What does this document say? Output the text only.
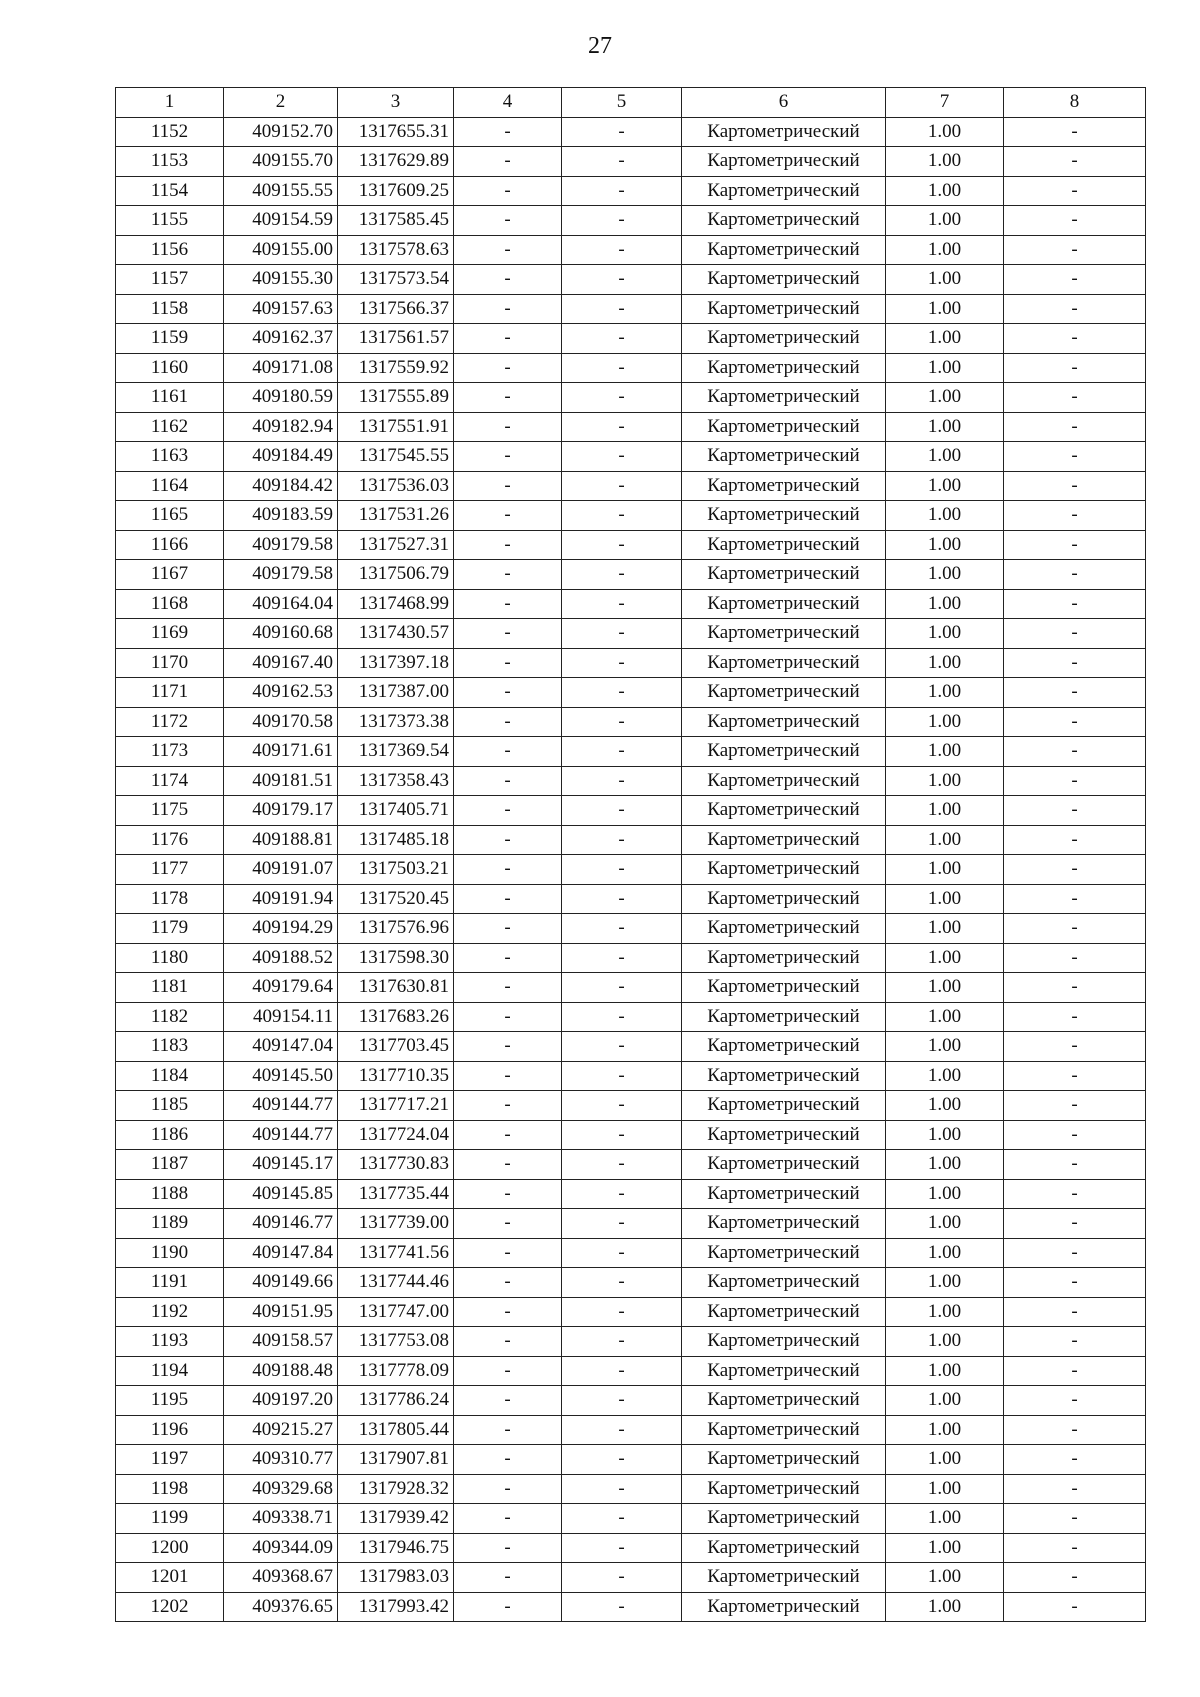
27
1	2	3	4	5	6	7	8
1152	409152.70	1317655.31	-	-	Картометрический	1.00	-
1153	409155.70	1317629.89	-	-	Картометрический	1.00	-
1154	409155.55	1317609.25	-	-	Картометрический	1.00	-
1155	409154.59	1317585.45	-	-	Картометрический	1.00	-
1156	409155.00	1317578.63	-	-	Картометрический	1.00	-
1157	409155.30	1317573.54	-	-	Картометрический	1.00	-
1158	409157.63	1317566.37	-	-	Картометрический	1.00	-
1159	409162.37	1317561.57	-	-	Картометрический	1.00	-
1160	409171.08	1317559.92	-	-	Картометрический	1.00	-
1161	409180.59	1317555.89	-	-	Картометрический	1.00	-
1162	409182.94	1317551.91	-	-	Картометрический	1.00	-
1163	409184.49	1317545.55	-	-	Картометрический	1.00	-
1164	409184.42	1317536.03	-	-	Картометрический	1.00	-
1165	409183.59	1317531.26	-	-	Картометрический	1.00	-
1166	409179.58	1317527.31	-	-	Картометрический	1.00	-
1167	409179.58	1317506.79	-	-	Картометрический	1.00	-
1168	409164.04	1317468.99	-	-	Картометрический	1.00	-
1169	409160.68	1317430.57	-	-	Картометрический	1.00	-
1170	409167.40	1317397.18	-	-	Картометрический	1.00	-
1171	409162.53	1317387.00	-	-	Картометрический	1.00	-
1172	409170.58	1317373.38	-	-	Картометрический	1.00	-
1173	409171.61	1317369.54	-	-	Картометрический	1.00	-
1174	409181.51	1317358.43	-	-	Картометрический	1.00	-
1175	409179.17	1317405.71	-	-	Картометрический	1.00	-
1176	409188.81	1317485.18	-	-	Картометрический	1.00	-
1177	409191.07	1317503.21	-	-	Картометрический	1.00	-
1178	409191.94	1317520.45	-	-	Картометрический	1.00	-
1179	409194.29	1317576.96	-	-	Картометрический	1.00	-
1180	409188.52	1317598.30	-	-	Картометрический	1.00	-
1181	409179.64	1317630.81	-	-	Картометрический	1.00	-
1182	409154.11	1317683.26	-	-	Картометрический	1.00	-
1183	409147.04	1317703.45	-	-	Картометрический	1.00	-
1184	409145.50	1317710.35	-	-	Картометрический	1.00	-
1185	409144.77	1317717.21	-	-	Картометрический	1.00	-
1186	409144.77	1317724.04	-	-	Картометрический	1.00	-
1187	409145.17	1317730.83	-	-	Картометрический	1.00	-
1188	409145.85	1317735.44	-	-	Картометрический	1.00	-
1189	409146.77	1317739.00	-	-	Картометрический	1.00	-
1190	409147.84	1317741.56	-	-	Картометрический	1.00	-
1191	409149.66	1317744.46	-	-	Картометрический	1.00	-
1192	409151.95	1317747.00	-	-	Картометрический	1.00	-
1193	409158.57	1317753.08	-	-	Картометрический	1.00	-
1194	409188.48	1317778.09	-	-	Картометрический	1.00	-
1195	409197.20	1317786.24	-	-	Картометрический	1.00	-
1196	409215.27	1317805.44	-	-	Картометрический	1.00	-
1197	409310.77	1317907.81	-	-	Картометрический	1.00	-
1198	409329.68	1317928.32	-	-	Картометрический	1.00	-
1199	409338.71	1317939.42	-	-	Картометрический	1.00	-
1200	409344.09	1317946.75	-	-	Картометрический	1.00	-
1201	409368.67	1317983.03	-	-	Картометрический	1.00	-
1202	409376.65	1317993.42	-	-	Картометрический	1.00	-
